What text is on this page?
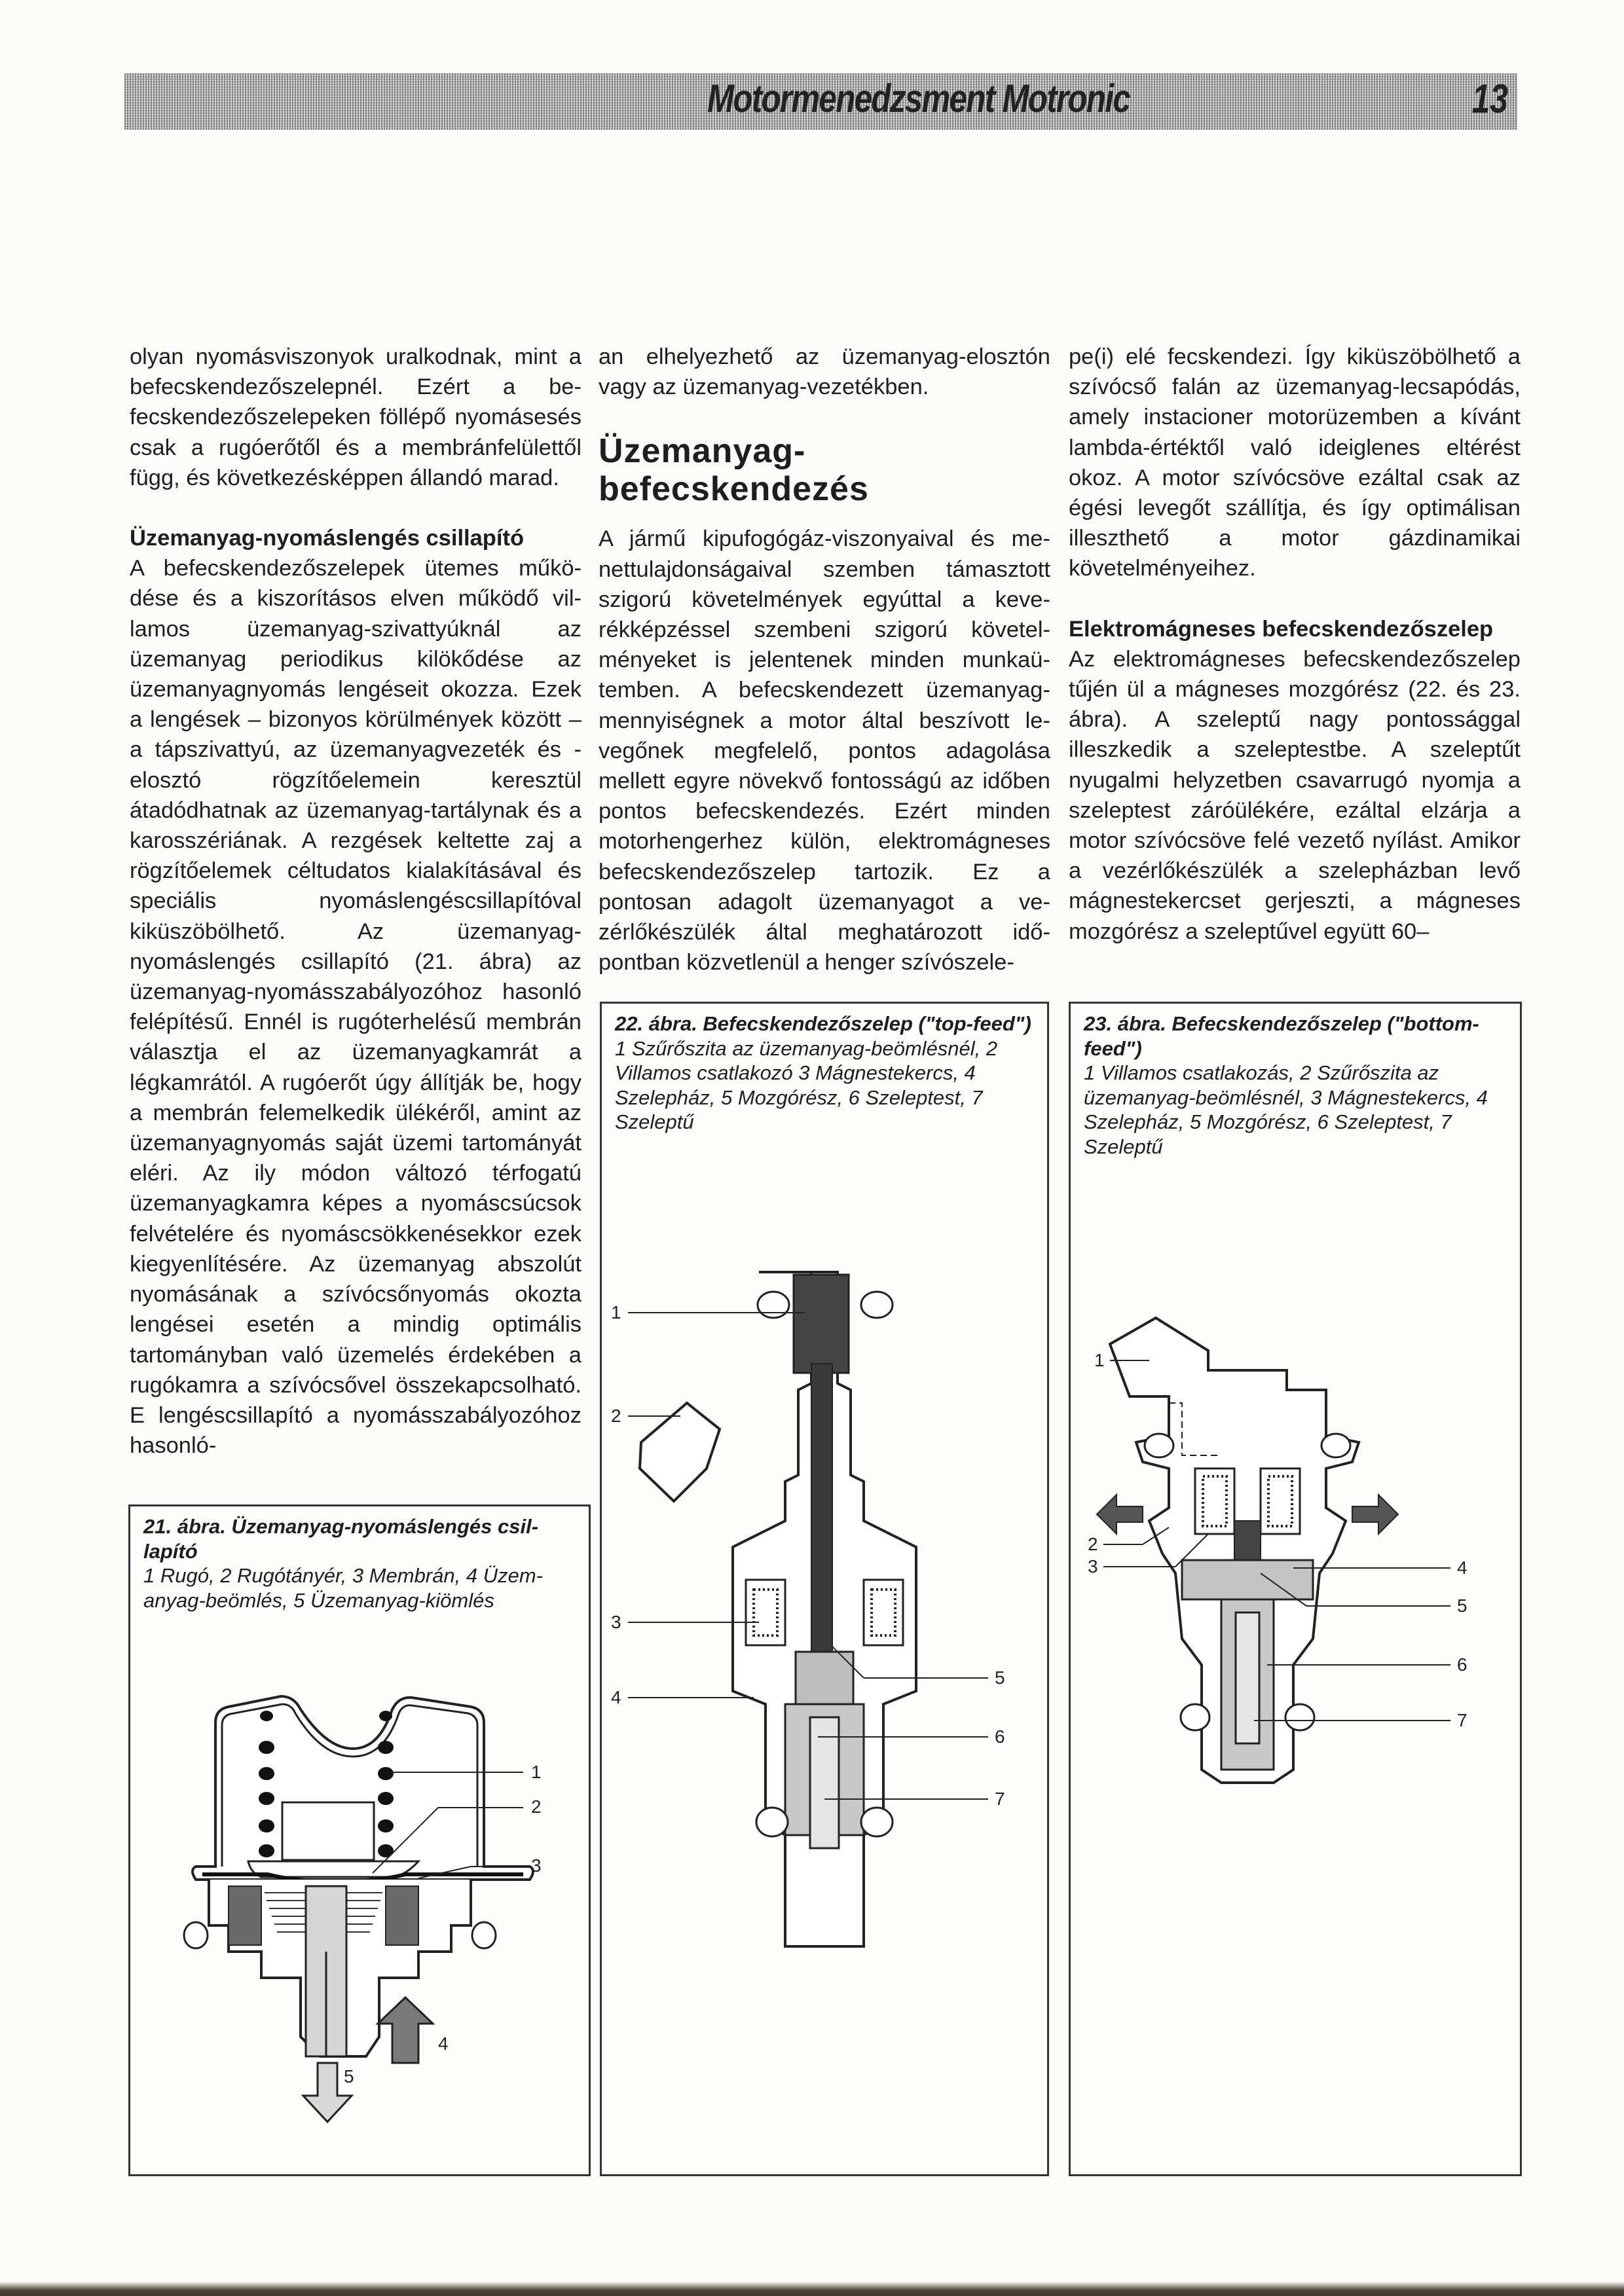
Motormenedzsment Motronic	13

olyan nyomásviszonyok uralkodnak, mint a befecskendezőszelepnél. Ezért a befecskendezőszelepeken föllépő nyomásesés csak a rugóerőtől és a membránfelülettől függ, és következésképpen állandó marad.

Üzemanyag-nyomáslengés csillapító

A befecskendezőszelepek ütemes működése és a kiszorításos elven működő villamos üzemanyag-szivattyúknál az üzemanyag periodikus kilökődése az üzemanyagnyomás lengéseit okozza. Ezek a lengések – bizonyos körülmények között – a tápszivattyú, az üzemanyagvezeték és -elosztó rögzítőelemein keresztül átadódhatnak az üzemanyag-tartálynak és a karosszériának. A rezgések keltette zaj a rögzítőelemek céltudatos kialakításával és speciális nyomáslengéscsillapítóval kiküszöbölhető. Az üzemanyag-nyomáslengés csillapító (21. ábra) az üzemanyag-nyomásszabályozóhoz hasonló felépítésű. Ennél is rugóterhelésű membrán választja el az üzemanyagkamrát a légkamrától. A rugóerőt úgy állítják be, hogy a membrán felemelkedik ülékéről, amint az üzemanyagnyomás saját üzemi tartományát eléri. Az ily módon változó térfogatú üzemanyagkamra képes a nyomáscsúcsok felvételére és nyomáscsökkenésekkor ezek kiegyenlítésére. Az üzemanyag abszolút nyomásának a szívócsőnyomás okozta lengései esetén a mindig optimális tartományban való üzemelés érdekében a rugókamra a szívócsővel összekapcsolható. E lengéscsillapító a nyomásszabályozóhoz hasonló-

an elhelyezhető az üzemanyag-elosztón vagy az üzemanyag-vezetékben.

Üzemanyag-
befecskendezés

A jármű kipufogógáz-viszonyaival és menettulajdonságaival szemben támasztott szigorú követelmények egyúttal a keverékképzéssel szembeni szigorú követelményeket is jelentenek minden munkaütemben. A befecskendezett üzemanyagmennyiségnek a motor által beszívott levegőnek megfelelő, pontos adagolása mellett egyre növekvő fontosságú az időben pontos befecskendezés. Ezért minden motorhengerhez külön, elektromágneses befecskendezőszelep tartozik. Ez a pontosan adagolt üzemanyagot a vezérlőkészülék által meghatározott időpontban közvetlenül a henger szívószele-

pe(i) elé fecskendezi. Így kiküszöbölhető a szívócső falán az üzemanyag-lecsapódás, amely instacioner motorüzemben a kívánt lambda-értéktől való ideiglenes eltérést okoz. A motor szívócsöve ezáltal csak az égési levegőt szállítja, és így optimálisan illeszthető a motor gázdinamikai követelményeihez.

Elektromágneses befecskendezőszelep

Az elektromágneses befecskendezőszelep tűjén ül a mágneses mozgórész (22. és 23. ábra). A szeleptű nagy pontossággal illeszkedik a szeleptestbe. A szeleptűt nyugalmi helyzetben csavarrugó nyomja a szeleptest záróülékére, ezáltal elzárja a motor szívócsöve felé vezető nyílást. Amikor a vezérlőkészülék a szelepházban levő mágnestekercset gerjeszti, a mágneses mozgórész a szeleptűvel együtt 60–

21. ábra. Üzemanyag-nyomáslengés csillapító
1 Rugó, 2 Rugótányér, 3 Membrán, 4 Üzemanyag-beömlés, 5 Üzemanyag-kiömlés
1
2
3
4
5
22. ábra. Befecskendezőszelep ("top-feed")
1 Szűrőszita az üzemanyag-beömlésnél, 2 Villamos csatlakozó 3 Mágnestekercs, 4 Szelepház, 5 Mozgórész, 6 Szeleptest, 7 Szeleptű
1
2
3
4
5
6
7
23. ábra. Befecskendezőszelep ("bottom-feed")
1 Villamos csatlakozás, 2 Szűrőszita az üzemanyag-beömlésnél, 3 Mágnestekercs, 4 Szelepház, 5 Mozgórész, 6 Szeleptest, 7 Szeleptű
1
2
3	4
5
6
7
